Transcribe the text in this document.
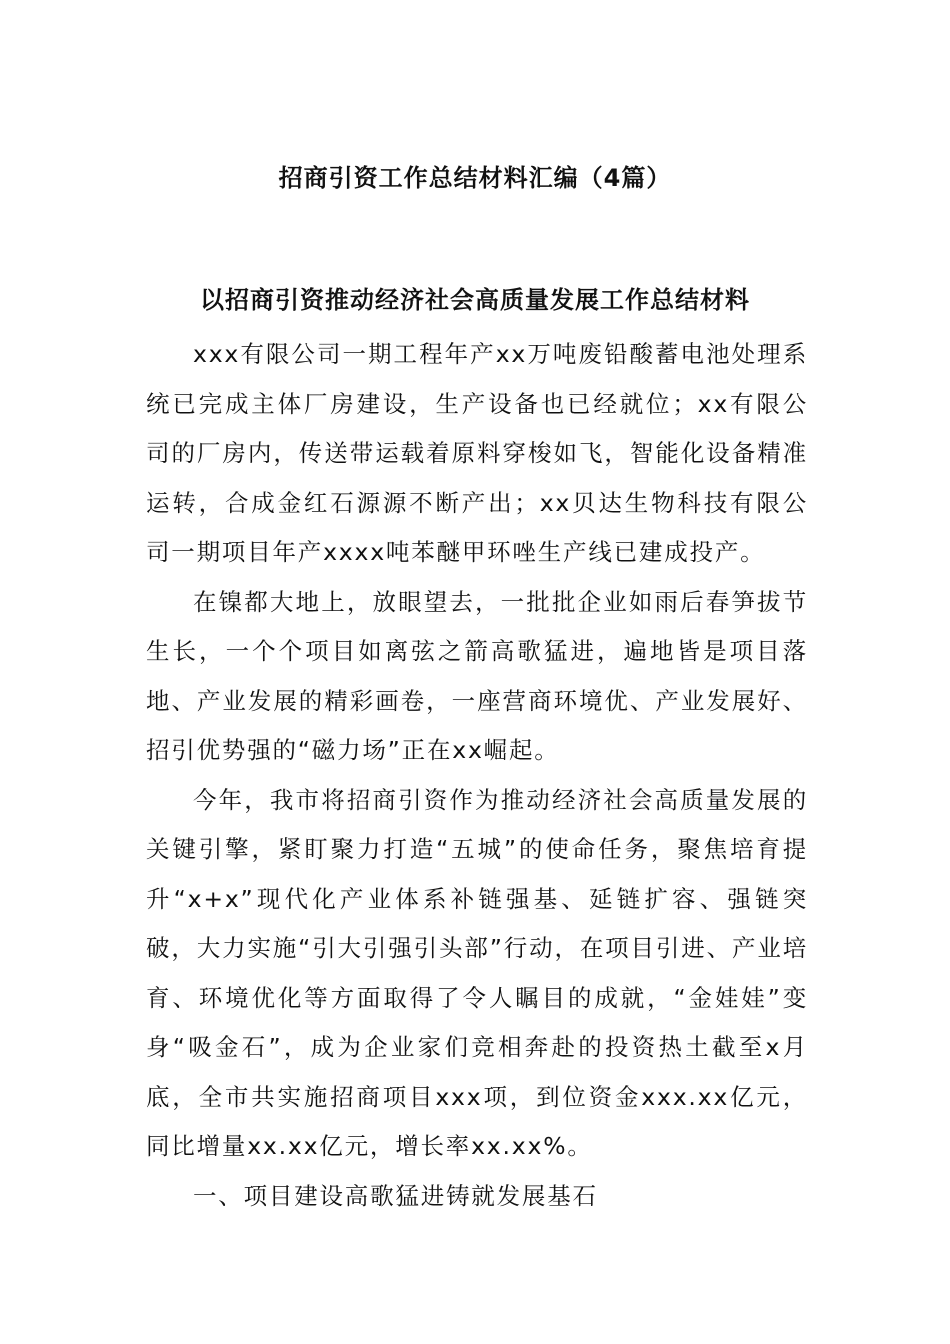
招商引资工作总结材料汇编（4篇）
以招商引资推动经济社会高质量发展工作总结材料

xxx有限公司一期工程年产xx万吨废铅酸蓄电池处理系统已完成主体厂房建设，生产设备也已经就位；xx有限公司的厂房内，传送带运载着原料穿梭如飞，智能化设备精准运转，合成金红石源源不断产出；xx贝达生物科技有限公司一期项目年产xxxx吨苯醚甲环唑生产线已建成投产。

在镍都大地上，放眼望去，一批批企业如雨后春笋拔节生长，一个个项目如离弦之箭高歌猛进，遍地皆是项目落地、产业发展的精彩画卷，一座营商环境优、产业发展好、招引优势强的“磁力场”正在xx崛起。

今年，我市将招商引资作为推动经济社会高质量发展的关键引擎，紧盯聚力打造“五城”的使命任务，聚焦培育提升“x+x”现代化产业体系补链强基、延链扩容、强链突破，大力实施“引大引强引头部”行动，在项目引进、产业培育、环境优化等方面取得了令人瞩目的成就，“金娃娃”变身“吸金石”，成为企业家们竞相奔赴的投资热土截至x月底，全市共实施招商项目xxx项，到位资金xxx.xx亿元，同比增量xx.xx亿元，增长率xx.xx%。

一、项目建设高歌猛进铸就发展基石
